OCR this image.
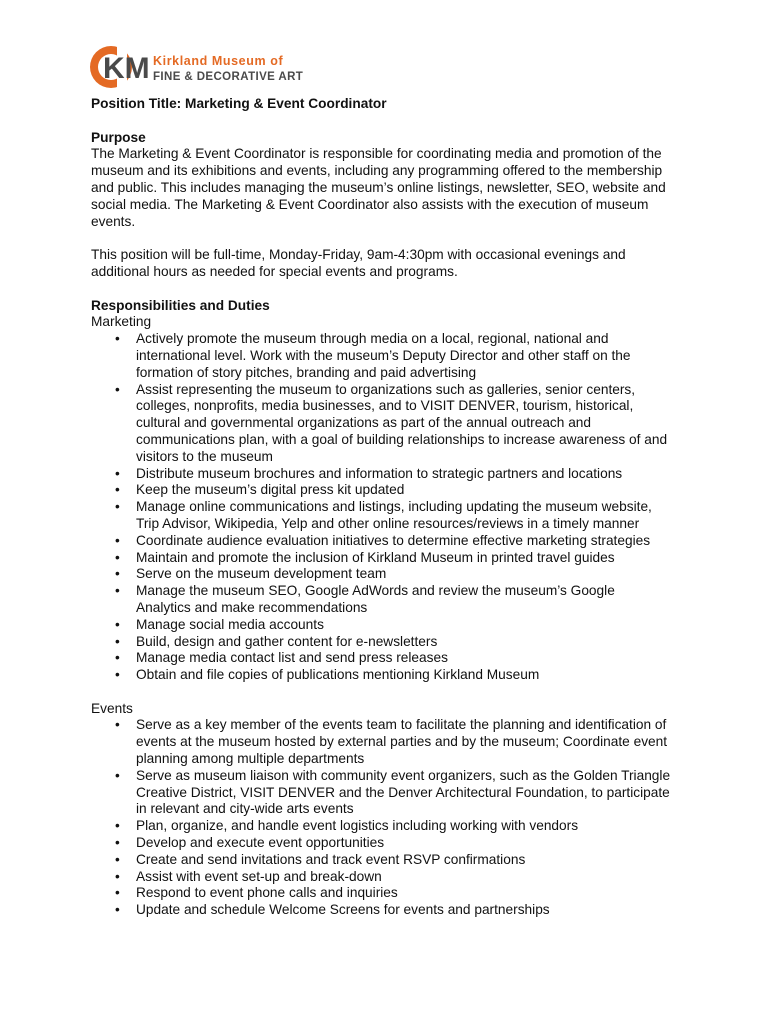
KM Kirkland Museum of
FINE & DECORATIVE ART

Position Title: Marketing & Event Coordinator

Purpose

The Marketing & Event Coordinator is responsible for coordinating media and promotion of the
museum and its exhibitions and events, including any programming offered to the membership
and public. This includes managing the museum’s online listings, newsletter, SEO, website and
social media. The Marketing & Event Coordinator also assists with the execution of museum
events.

This position will be full-time, Monday-Friday, 9am-4:30pm with occasional evenings and
additional hours as needed for special events and programs.

Responsibilities and Duties

Marketing

• Actively promote the museum through media on a local, regional, national and
international level. Work with the museum’s Deputy Director and other staff on the
formation of story pitches, branding and paid advertising
• Assist representing the museum to organizations such as galleries, senior centers,
colleges, nonprofits, media businesses, and to VISIT DENVER, tourism, historical,
cultural and governmental organizations as part of the annual outreach and
communications plan, with a goal of building relationships to increase awareness of and
visitors to the museum
• Distribute museum brochures and information to strategic partners and locations
• Keep the museum’s digital press kit updated
• Manage online communications and listings, including updating the museum website,
Trip Advisor, Wikipedia, Yelp and other online resources/reviews in a timely manner
• Coordinate audience evaluation initiatives to determine effective marketing strategies
• Maintain and promote the inclusion of Kirkland Museum in printed travel guides
• Serve on the museum development team
• Manage the museum SEO, Google AdWords and review the museum’s Google
Analytics and make recommendations
• Manage social media accounts
• Build, design and gather content for e-newsletters
• Manage media contact list and send press releases
• Obtain and file copies of publications mentioning Kirkland Museum

Events

• Serve as a key member of the events team to facilitate the planning and identification of
events at the museum hosted by external parties and by the museum; Coordinate event
planning among multiple departments
• Serve as museum liaison with community event organizers, such as the Golden Triangle
Creative District, VISIT DENVER and the Denver Architectural Foundation, to participate
in relevant and city-wide arts events
• Plan, organize, and handle event logistics including working with vendors
• Develop and execute event opportunities
• Create and send invitations and track event RSVP confirmations
• Assist with event set-up and break-down
• Respond to event phone calls and inquiries
• Update and schedule Welcome Screens for events and partnerships
